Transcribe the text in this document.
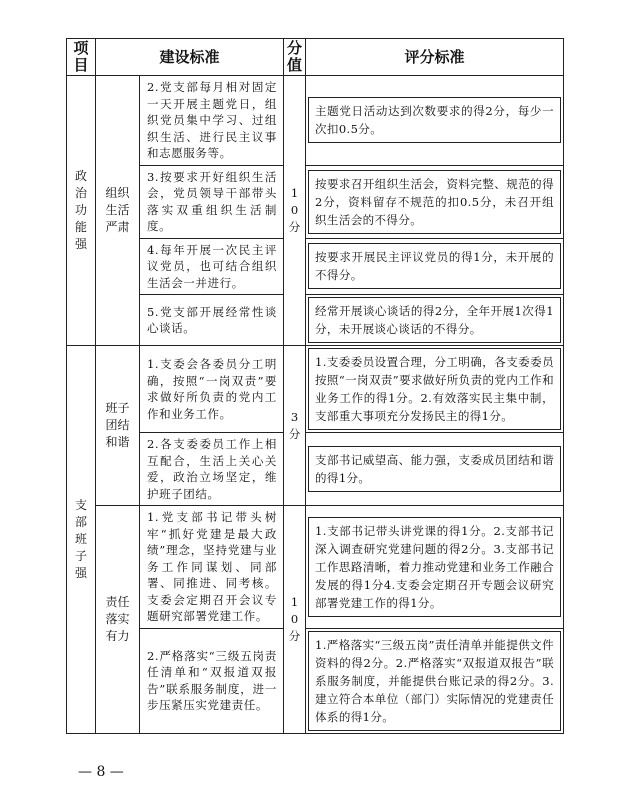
项目	建设标准		分值	评分标准

政治功能强	组织生活严肃	2.党支部每月相对固定一天开展主题党日，组织党员集中学习、过组织生活、进行民主议事和志愿服务等。	10分	主题党日活动达到次数要求的得2分，每少一次扣0.5分。

		3.按要求开好组织生活会，党员领导干部带头落实双重组织生活制度。		按要求召开组织生活会，资料完整、规范的得2分，资料留存不规范的扣0.5分，未召开组织生活会的不得分。

		4.每年开展一次民主评议党员，也可结合组织生活会一并进行。		按要求开展民主评议党员的得1分，未开展的不得分。

		5.党支部开展经常性谈心谈话。		经常开展谈心谈话的得2分，全年开展1次得1分，未开展谈心谈话的不得分。

支部班子强	班子团结和谐	1.支委会各委员分工明确，按照“一岗双责”要求做好所负责的党内工作和业务工作。	3分	1.支委委员设置合理，分工明确，各支委委员按照“一岗双责”要求做好所负责的党内工作和业务工作的得1分。2.有效落实民主集中制，支部重大事项充分发扬民主的得1分。

		2.各支委委员工作上相互配合，生活上关心关爱，政治立场坚定，维护班子团结。		支部书记威望高、能力强，支委成员团结和谐的得1分。

	责任落实有力	1.党支部书记带头树牢“抓好党建是最大政绩”理念，坚持党建与业务工作同谋划、同部署、同推进、同考核。支委会定期召开会议专题研究部署党建工作。	10分	1.支部书记带头讲党课的得1分。2.支部书记深入调查研究党建问题的得2分。3.支部书记工作思路清晰，着力推动党建和业务工作融合发展的得1分4.支委会定期召开专题会议研究部署党建工作的得1分。

		2.严格落实“三级五岗责任清单和“双报道双报告”联系服务制度，进一步压紧压实党建责任。		1.严格落实“三级五岗”责任清单并能提供文件资料的得2分。2.严格落实“双报道双报告”联系服务制度，并能提供台账记录的得2分。3.建立符合本单位（部门）实际情况的党建责任体系的得1分。
— 8 —
